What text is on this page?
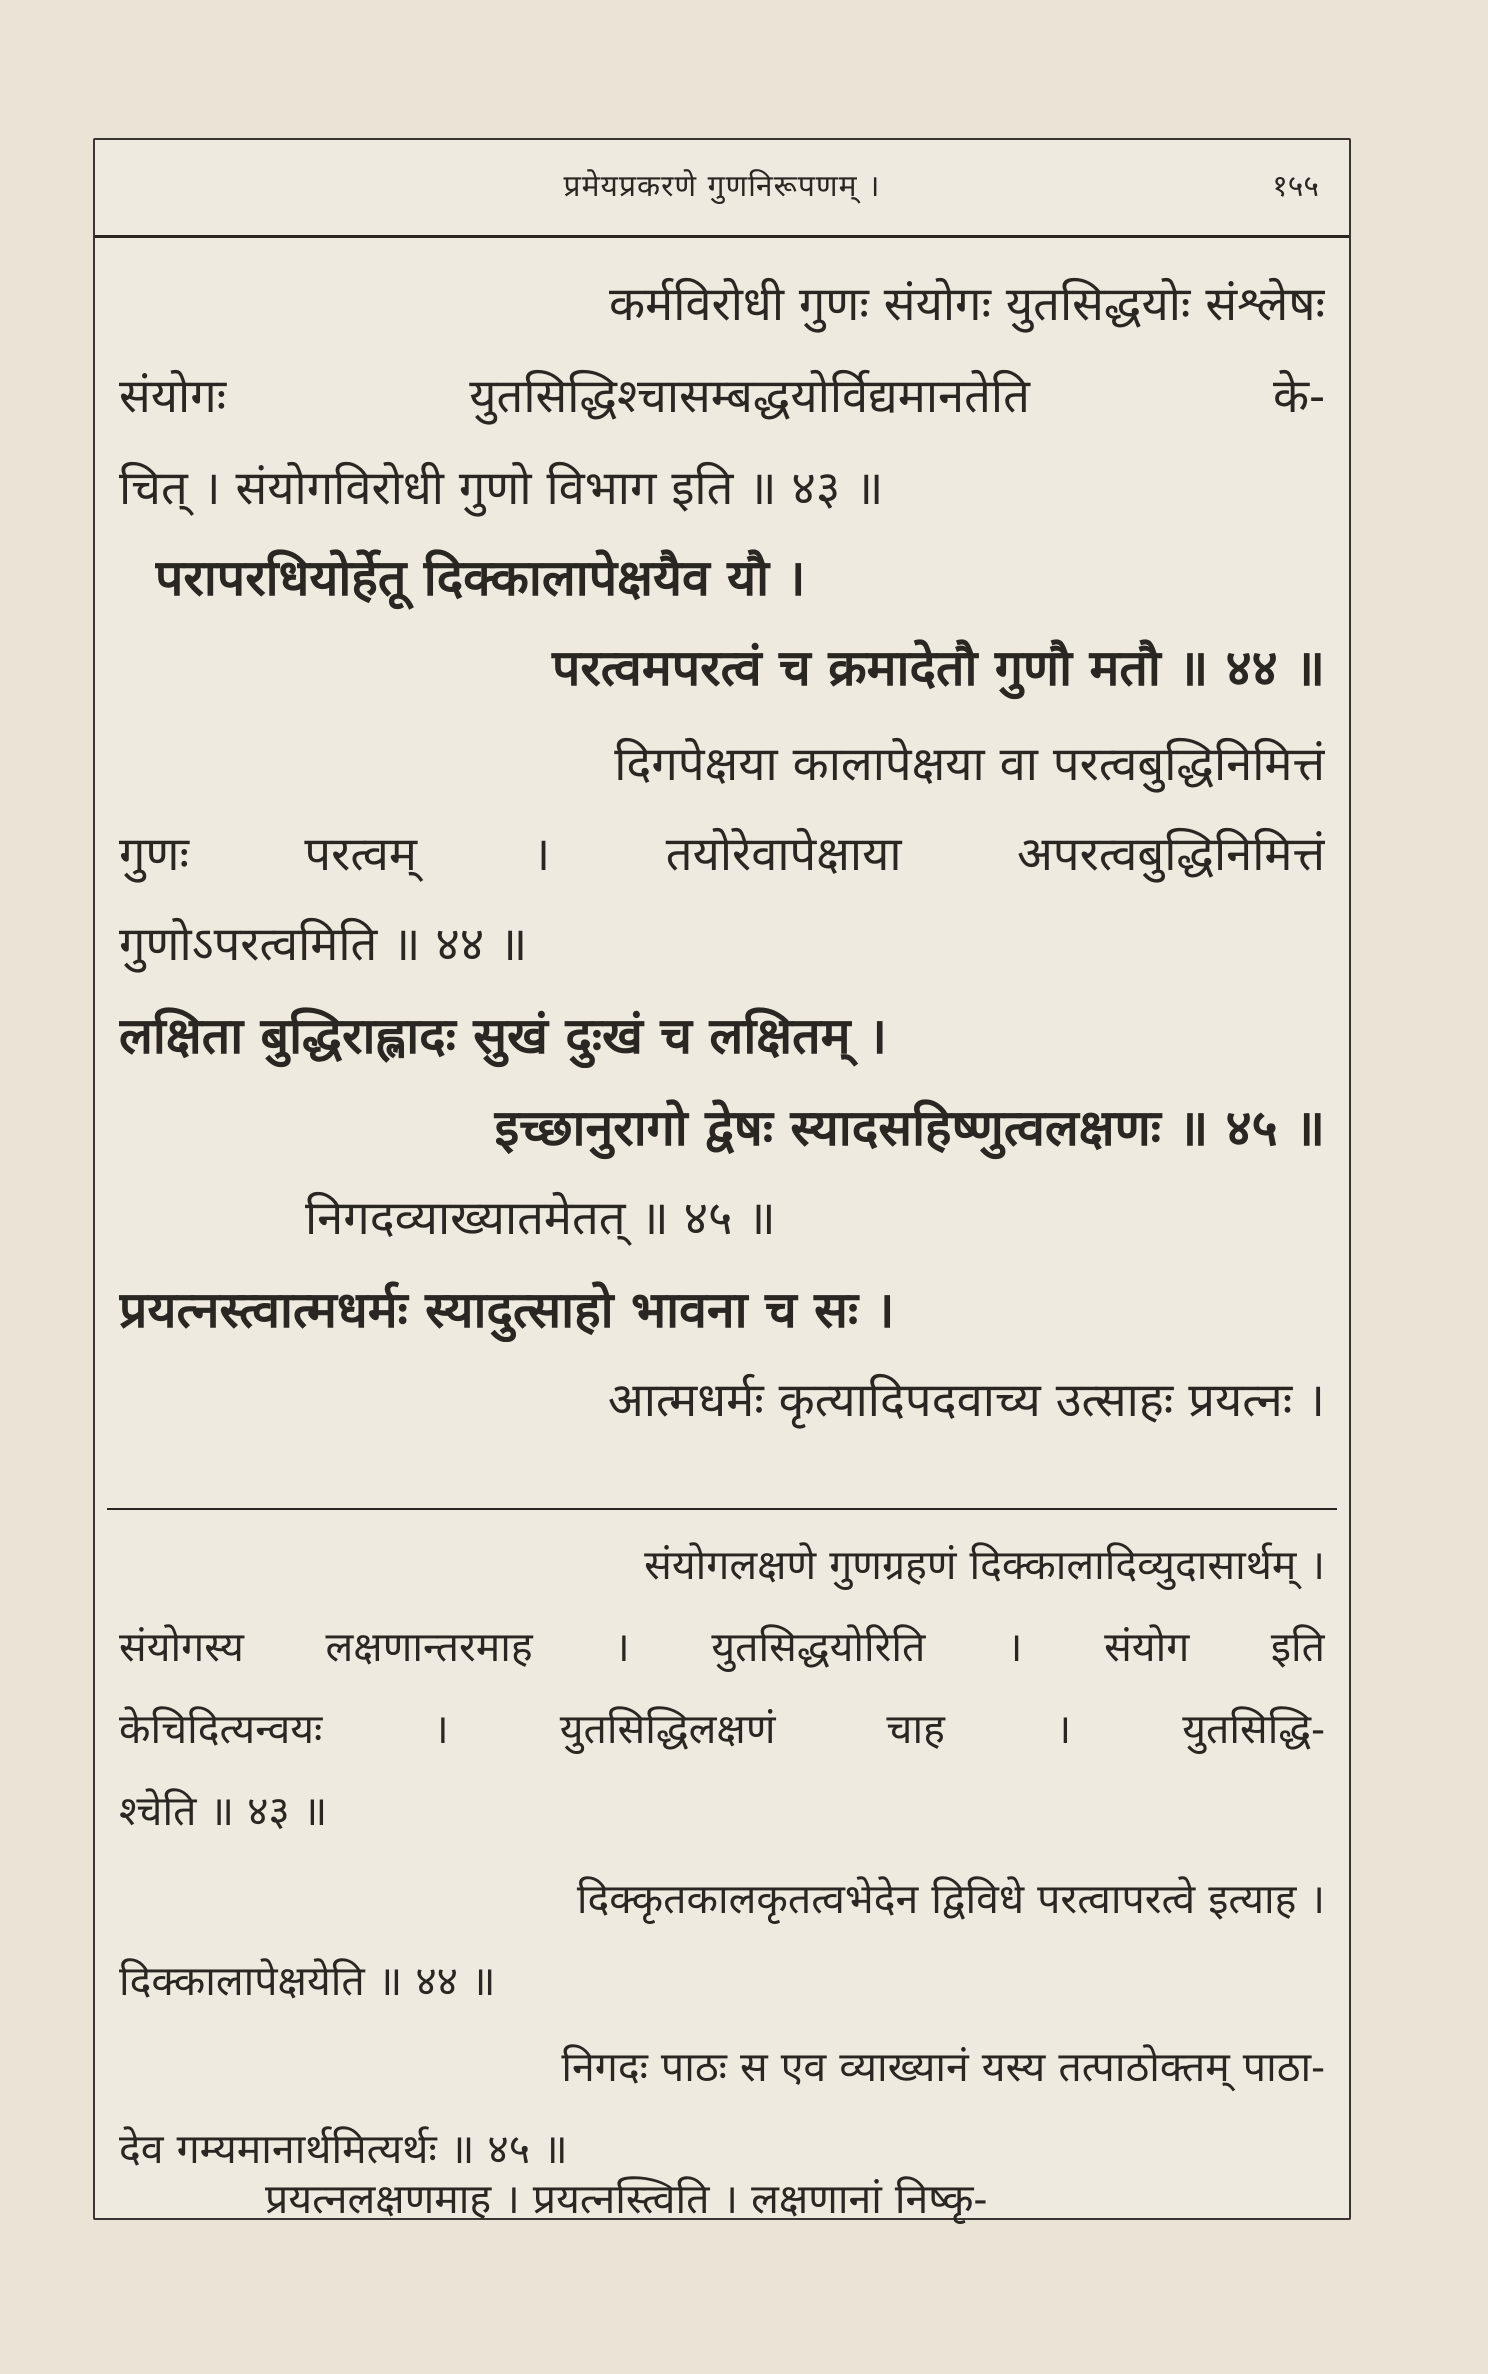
प्रमेयप्रकरणे गुणनिरूपणम् ।	१५५
कर्मविरोधी गुणः संयोगः युतसिद्धयोः संश्लेषः
संयोगः युतसिद्धिश्चासम्बद्धयोर्विद्यमानतेति के-
चित् । संयोगविरोधी गुणो विभाग इति ॥ ४३ ॥
परापरधियोर्हेतू दिक्कालापेक्षयैव यौ ।
परत्वमपरत्वं च क्रमादेतौ गुणौ मतौ ॥ ४४ ॥
दिगपेक्षया कालापेक्षया वा परत्वबुद्धिनिमित्तं
गुणः परत्वम् । तयोरेवापेक्षाया अपरत्वबुद्धिनिमित्तं
गुणोऽपरत्वमिति ॥ ४४ ॥
लक्षिता बुद्धिराह्लादः सुखं दुःखं च लक्षितम् ।
इच्छानुरागो द्वेषः स्यादसहिष्णुत्वलक्षणः ॥ ४५ ॥
निगदव्याख्यातमेतत् ॥ ४५ ॥
प्रयत्नस्त्वात्मधर्मः स्यादुत्साहो भावना च सः ।
आत्मधर्मः कृत्यादिपदवाच्य उत्साहः प्रयत्नः ।
संयोगलक्षणे गुणग्रहणं दिक्कालादिव्युदासार्थम् ।
संयोगस्य लक्षणान्तरमाह । युतसिद्धयोरिति । संयोग इति
केचिदित्यन्वयः । युतसिद्धिलक्षणं चाह । युतसिद्धि-
श्चेति ॥ ४३ ॥
दिक्कृतकालकृतत्वभेदेन द्विविधे परत्वापरत्वे इत्याह ।
दिक्कालापेक्षयेति ॥ ४४ ॥
निगदः पाठः स एव व्याख्यानं यस्य तत्पाठोक्तम् पाठा-
देव गम्यमानार्थमित्यर्थः ॥ ४५ ॥
प्रयत्नलक्षणमाह । प्रयत्नस्त्विति । लक्षणानां निष्कृ-
